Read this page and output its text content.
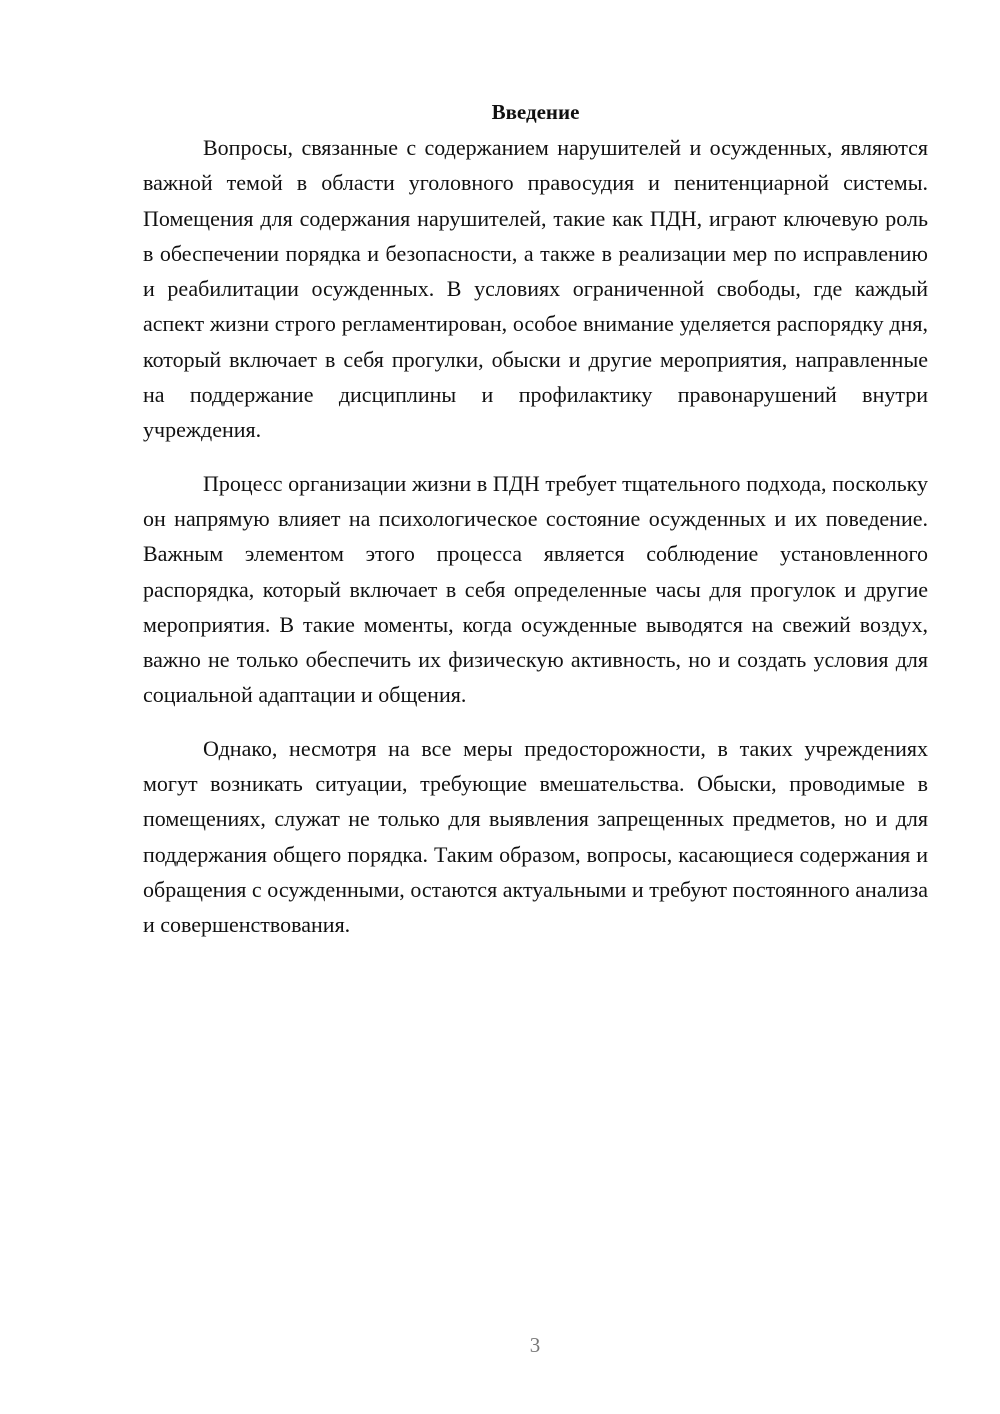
Введение

Вопросы, связанные с содержанием нарушителей и осужденных, являются важной темой в области уголовного правосудия и пенитенциарной системы. Помещения для содержания нарушителей, такие как ПДН, играют ключевую роль в обеспечении порядка и безопасности, а также в реализации мер по исправлению и реабилитации осужденных. В условиях ограниченной свободы, где каждый аспект жизни строго регламентирован, особое внимание уделяется распорядку дня, который включает в себя прогулки, обыски и другие мероприятия, направленные на поддержание дисциплины и профилактику правонарушений внутри учреждения.

Процесс организации жизни в ПДН требует тщательного подхода, поскольку он напрямую влияет на психологическое состояние осужденных и их поведение. Важным элементом этого процесса является соблюдение установленного распорядка, который включает в себя определенные часы для прогулок и другие мероприятия. В такие моменты, когда осужденные выводятся на свежий воздух, важно не только обеспечить их физическую активность, но и создать условия для социальной адаптации и общения.

Однако, несмотря на все меры предосторожности, в таких учреждениях могут возникать ситуации, требующие вмешательства. Обыски, проводимые в помещениях, служат не только для выявления запрещенных предметов, но и для поддержания общего порядка. Таким образом, вопросы, касающиеся содержания и обращения с осужденными, остаются актуальными и требуют постоянного анализа и совершенствования.

3
